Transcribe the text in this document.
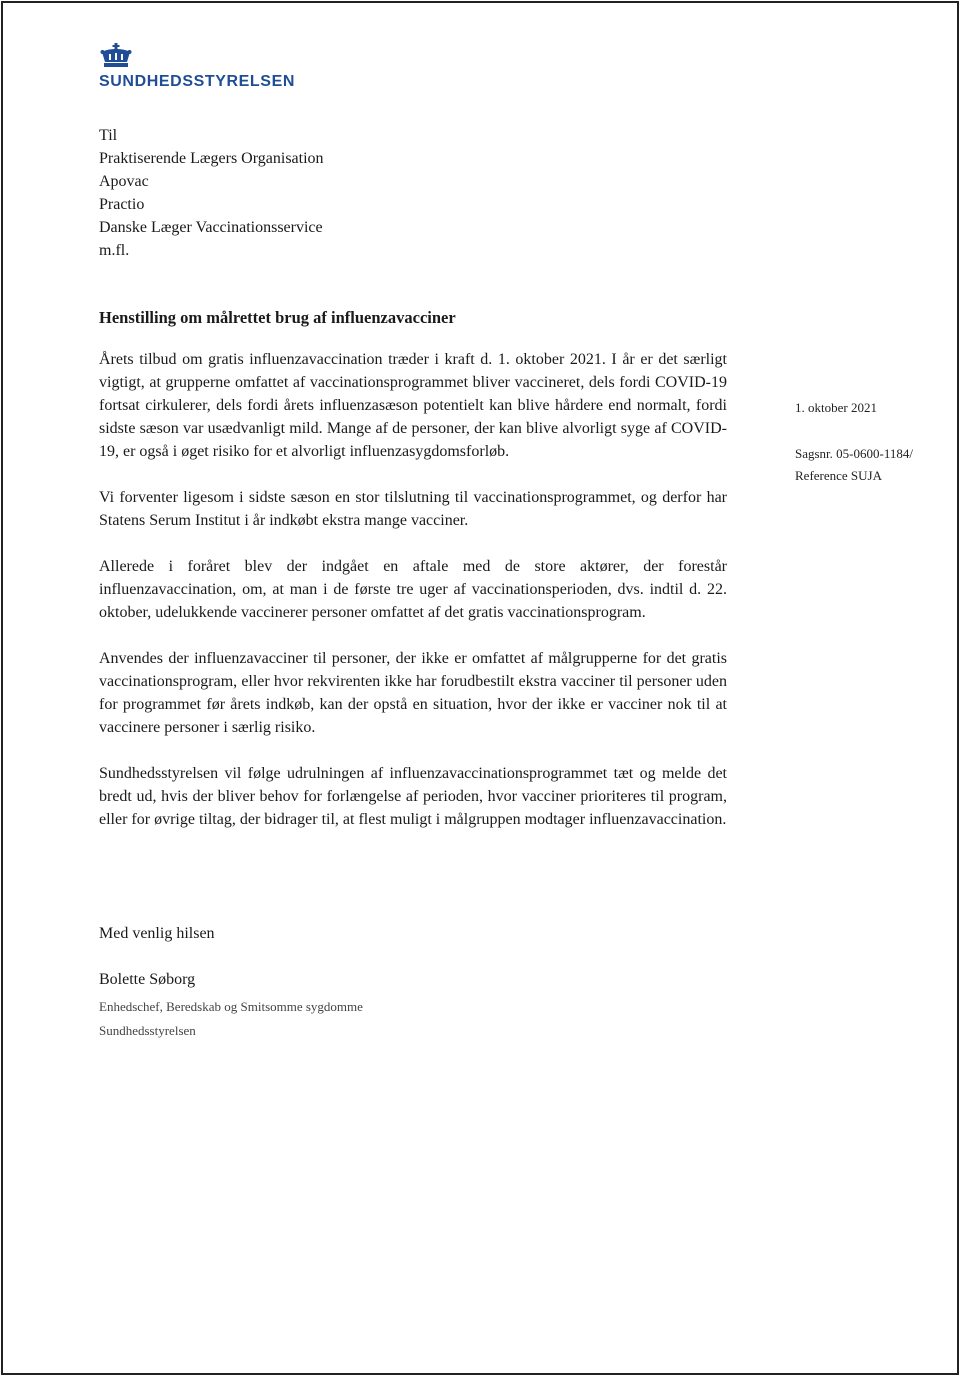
SUNDHEDSSTYRELSEN
Til
Praktiserende Lægers Organisation
Apovac
Practio
Danske Læger Vaccinationsservice
m.fl.
Henstilling om målrettet brug af influenzavacciner

Årets tilbud om gratis influenzavaccination træder i kraft d. 1. oktober 2021. I år er det særligt vigtigt, at grupperne omfattet af vaccinationsprogrammet bliver vaccineret, dels fordi COVID-19 fortsat cirkulerer, dels fordi årets influenzasæson potentielt kan blive hårdere end normalt, fordi sidste sæson var usædvanligt mild. Mange af de personer, der kan blive alvorligt syge af COVID-19, er også i øget risiko for et alvorligt influenzasygdomsforløb.

Vi forventer ligesom i sidste sæson en stor tilslutning til vaccinationsprogrammet, og derfor har Statens Serum Institut i år indkøbt ekstra mange vacciner.

Allerede i foråret blev der indgået en aftale med de store aktører, der forestår influenzavaccination, om, at man i de første tre uger af vaccinationsperioden, dvs. indtil d. 22. oktober, udelukkende vaccinerer personer omfattet af det gratis vaccinationsprogram.

Anvendes der influenzavacciner til personer, der ikke er omfattet af målgrupperne for det gratis vaccinationsprogram, eller hvor rekvirenten ikke har forudbestilt ekstra vacciner til personer uden for programmet før årets indkøb, kan der opstå en situation, hvor der ikke er vacciner nok til at vaccinere personer i særlig risiko.

Sundhedsstyrelsen vil følge udrulningen af influenzavaccinationsprogrammet tæt og melde det bredt ud, hvis der bliver behov for forlængelse af perioden, hvor vacciner prioriteres til program, eller for øvrige tiltag, der bidrager til, at flest muligt i målgruppen modtager influenzavaccination.

Med venlig hilsen
Bolette Søborg
Enhedschef, Beredskab og Smitsomme sygdomme
Sundhedsstyrelsen
1. oktober 2021
Sagsnr. 05-0600-1184/
Reference SUJA
